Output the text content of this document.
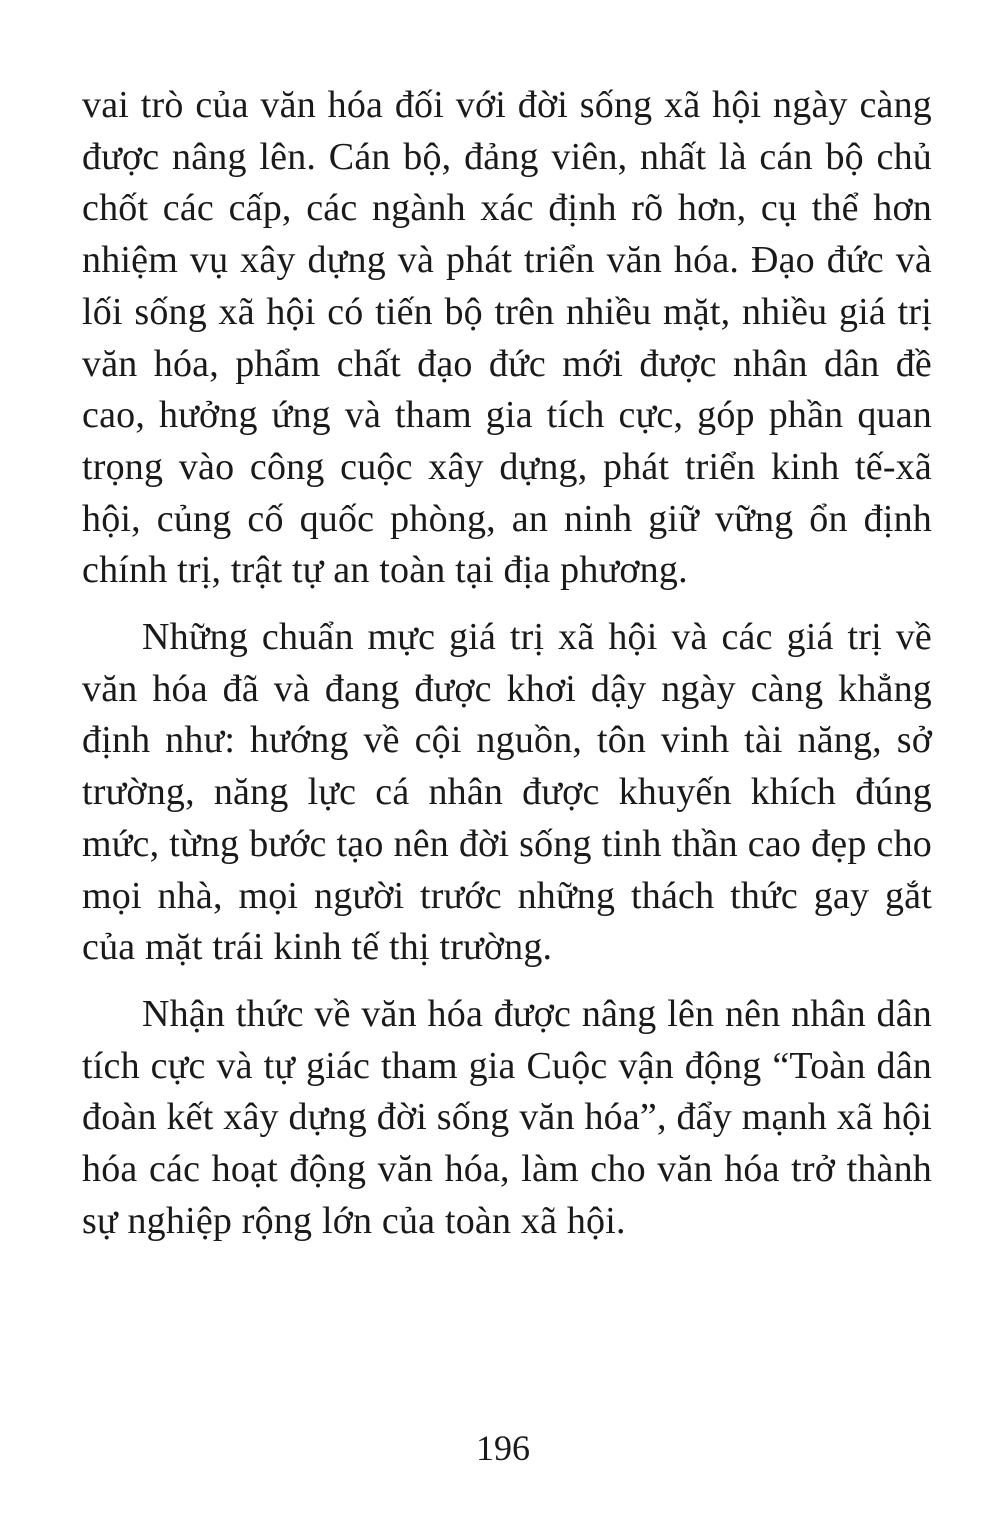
vai trò của văn hóa đối với đời sống xã hội ngày càng được nâng lên. Cán bộ, đảng viên, nhất là cán bộ chủ chốt các cấp, các ngành xác định rõ hơn, cụ thể hơn nhiệm vụ xây dựng và phát triển văn hóa. Đạo đức và lối sống xã hội có tiến bộ trên nhiều mặt, nhiều giá trị văn hóa, phẩm chất đạo đức mới được nhân dân đề cao, hưởng ứng và tham gia tích cực, góp phần quan trọng vào công cuộc xây dựng, phát triển kinh tế-xã hội, củng cố quốc phòng, an ninh giữ vững ổn định chính trị, trật tự an toàn tại địa phương.

Những chuẩn mực giá trị xã hội và các giá trị về văn hóa đã và đang được khơi dậy ngày càng khẳng định như: hướng về cội nguồn, tôn vinh tài năng, sở trường, năng lực cá nhân được khuyến khích đúng mức, từng bước tạo nên đời sống tinh thần cao đẹp cho mọi nhà, mọi người trước những thách thức gay gắt của mặt trái kinh tế thị trường.

Nhận thức về văn hóa được nâng lên nên nhân dân tích cực và tự giác tham gia Cuộc vận động “Toàn dân đoàn kết xây dựng đời sống văn hóa”, đẩy mạnh xã hội hóa các hoạt động văn hóa, làm cho văn hóa trở thành sự nghiệp rộng lớn của toàn xã hội.

196
